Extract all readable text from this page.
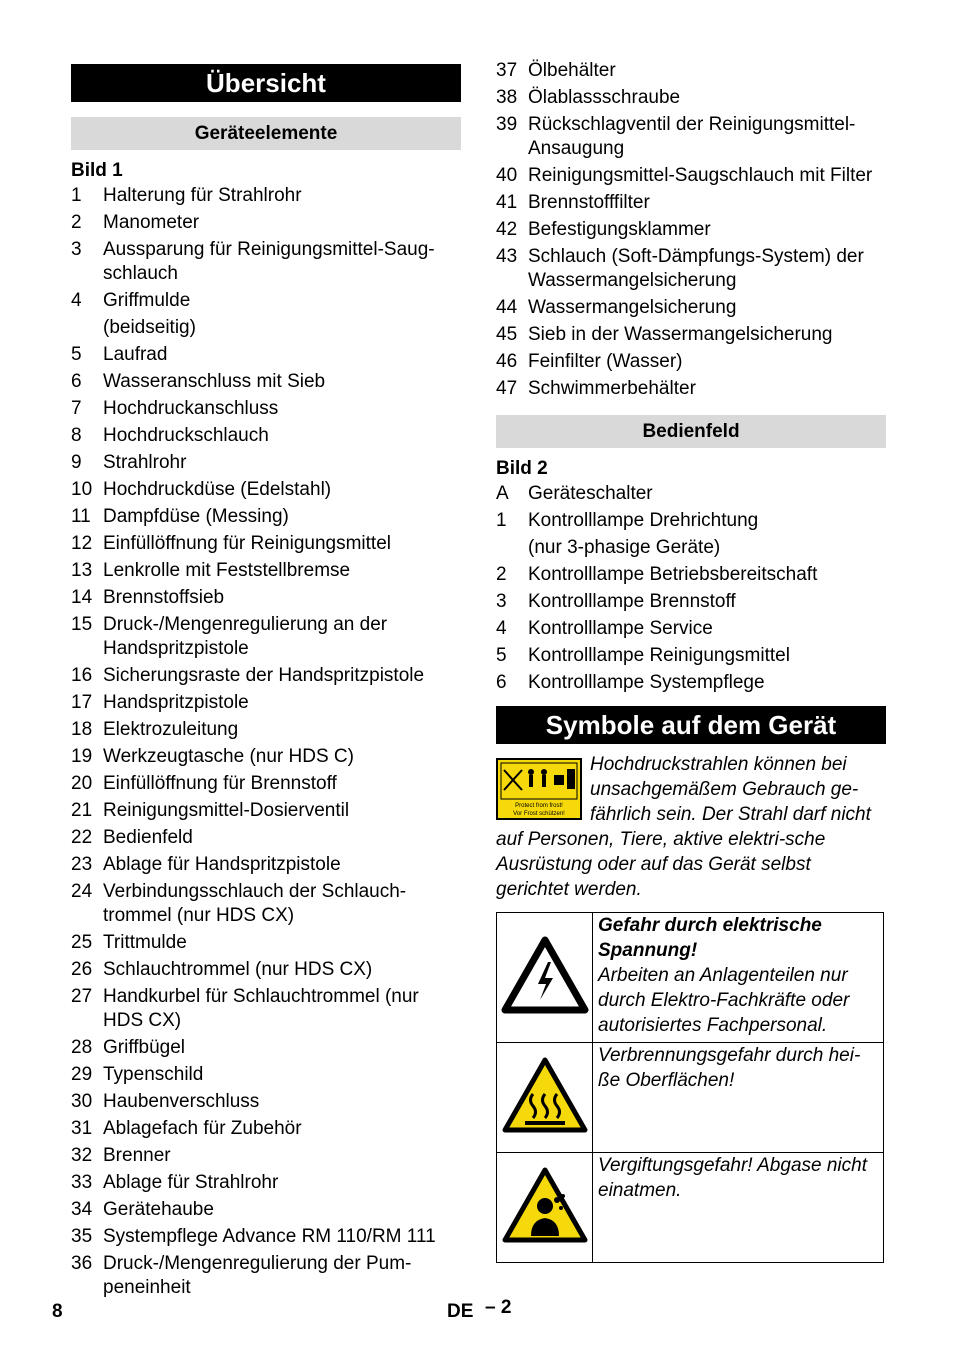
Übersicht
Geräteelemente
Bild 1
1	Halterung für Strahlrohr
2	Manometer
3	Aussparung für Reinigungsmittel-Saug-schlauch
4	Griffmulde
(beidseitig)
5	Laufrad
6	Wasseranschluss mit Sieb
7	Hochdruckanschluss
8	Hochdruckschlauch
9	Strahlrohr
10 Hochdruckdüse (Edelstahl)
11 Dampfdüse (Messing)
12 Einfüllöffnung für Reinigungsmittel
13 Lenkrolle mit Feststellbremse
14 Brennstoffsieb
15 Druck-/Mengenregulierung an der Handspritzpistole
16 Sicherungsraste der Handspritzpistole
17 Handspritzpistole
18 Elektrozuleitung
19 Werkzeugtasche (nur HDS C)
20 Einfüllöffnung für Brennstoff
21 Reinigungsmittel-Dosierventil
22 Bedienfeld
23 Ablage für Handspritzpistole
24 Verbindungsschlauch der Schlauch-trommel (nur HDS CX)
25 Trittmulde
26 Schlauchtrommel (nur HDS CX)
27 Handkurbel für Schlauchtrommel (nur HDS CX)
28 Griffbügel
29 Typenschild
30 Haubenverschluss
31 Ablagefach für Zubehör
32 Brenner
33 Ablage für Strahlrohr
34 Gerätehaube
35 Systempflege Advance RM 110/RM 111
36 Druck-/Mengenregulierung der Pum-peneinheit
37 Ölbehälter
38 Ölablassschraube
39 Rückschlagventil der Reinigungsmittel-Ansaugung
40 Reinigungsmittel-Saugschlauch mit Filter
41 Brennstofffilter
42 Befestigungsklammer
43 Schlauch (Soft-Dämpfungs-System) der Wassermangelsicherung
44 Wassermangelsicherung
45 Sieb in der Wassermangelsicherung
46 Feinfilter (Wasser)
47 Schwimmerbehälter
Bedienfeld
Bild 2
A	Geräteschalter
1	Kontrolllampe Drehrichtung
(nur 3-phasige Geräte)
2	Kontrolllampe Betriebsbereitschaft
3	Kontrolllampe Brennstoff
4	Kontrolllampe Service
5	Kontrolllampe Reinigungsmittel
6	Kontrolllampe Systempflege
Symbole auf dem Gerät
Protect from frost!
Vor Frost schützen!
Hochdruckstrahlen können bei unsachgemäßem Gebrauch ge-fährlich sein. Der Strahl darf nicht auf Personen, Tiere, aktive elektri-sche Ausrüstung oder auf das Gerät selbst gerichtet werden.

Gefahr durch elektrische Spannung!
Arbeiten an Anlagenteilen nur durch Elektro-Fachkräfte oder autorisiertes Fachpersonal.

Verbrennungsgefahr durch hei-ße Oberflächen!

Vergiftungsgefahr! Abgase nicht einatmen.
8	DE – 2
